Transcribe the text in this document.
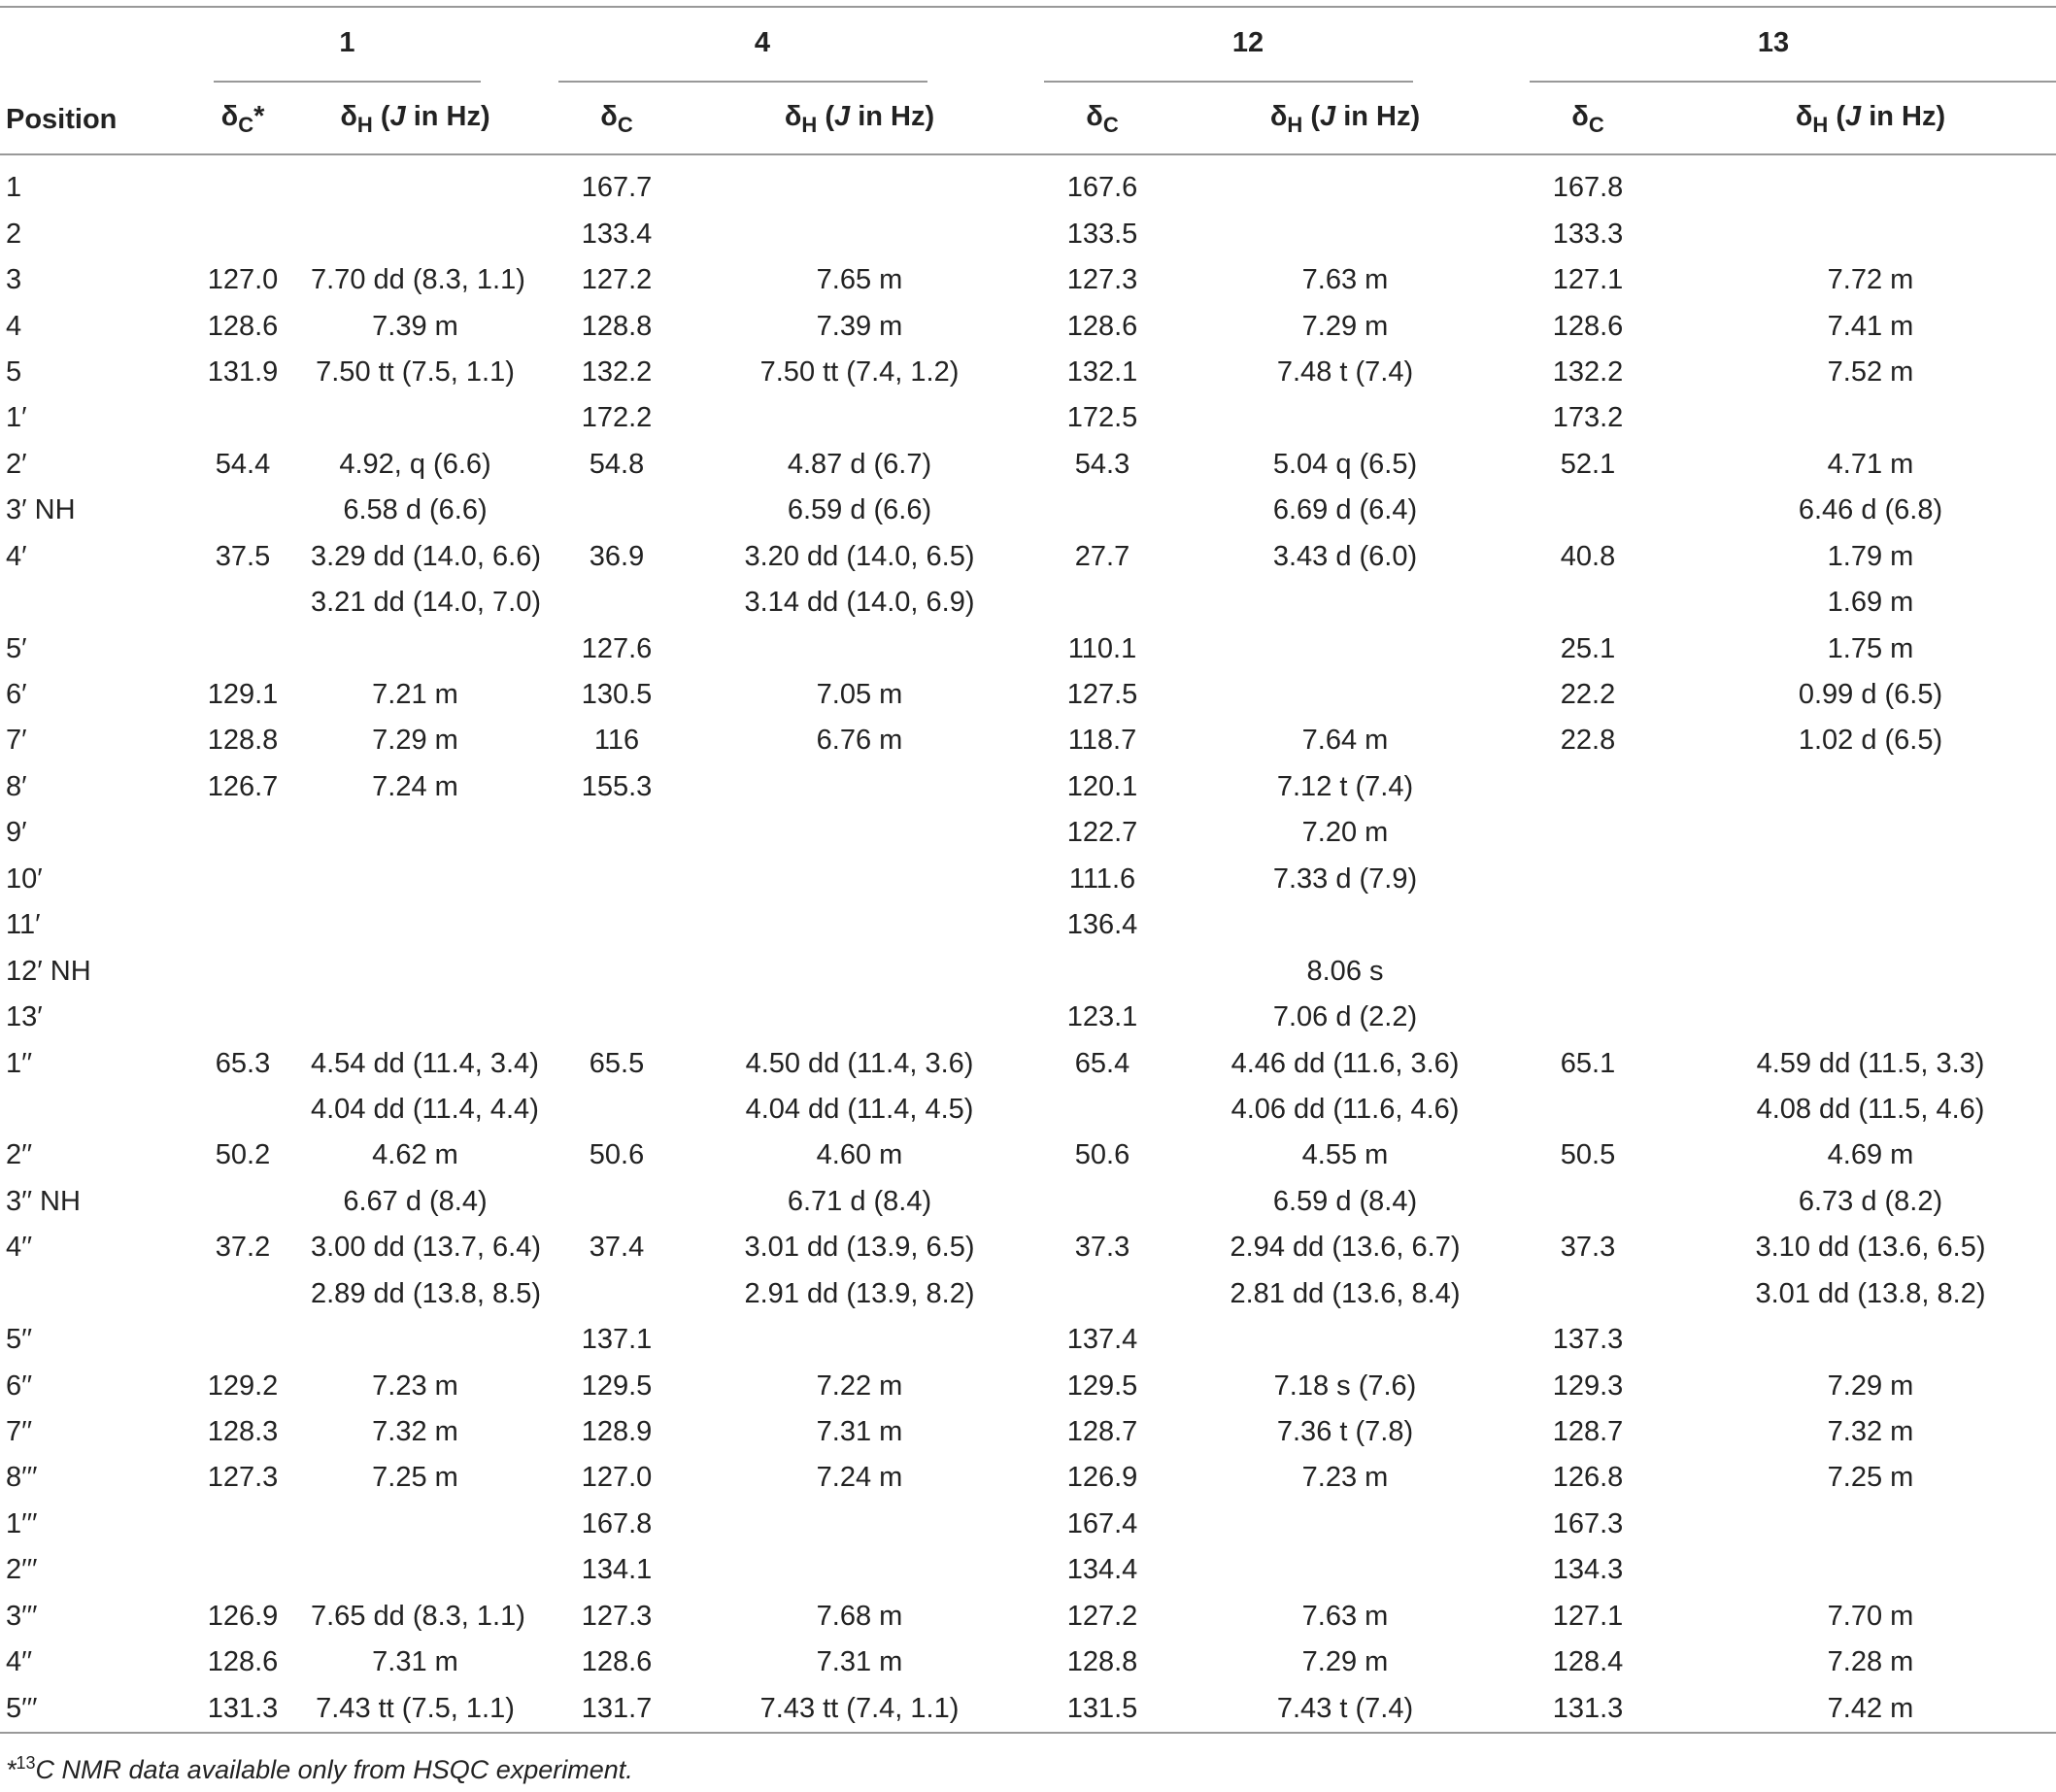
	1		4		12		13	

Position	$\delta_C*$	$\delta_H$ (J in Hz)	$\delta_C$	$\delta_H$ (J in Hz)	$\delta_C$	$\delta_H$ (J in Hz)	$\delta_C$	$\delta_H$ (J in Hz)
1			167.7		167.6		167.8	
2			133.4		133.5		133.3	
3	127.0	7.70 dd (8.3, 1.1)	127.2	7.65 m	127.3	7.63 m	127.1	7.72 m
4	128.6	7.39 m	128.8	7.39 m	128.6	7.29 m	128.6	7.41 m
5	131.9	7.50 tt (7.5, 1.1)	132.2	7.50 tt (7.4, 1.2)	132.1	7.48 t (7.4)	132.2	7.52 m
1′			172.2		172.5		173.2	
2′	54.4	4.92, q (6.6)	54.8	4.87 d (6.7)	54.3	5.04 q (6.5)	52.1	4.71 m
3′ NH		6.58 d (6.6)		6.59 d (6.6)		6.69 d (6.4)		6.46 d (6.8)
4′	37.5	3.29 dd (14.0, 6.6)	36.9	3.20 dd (14.0, 6.5)	27.7	3.43 d (6.0)	40.8	1.79 m
		3.21 dd (14.0, 7.0)		3.14 dd (14.0, 6.9)				1.69 m
5′			127.6		110.1		25.1	1.75 m
6′	129.1	7.21 m	130.5	7.05 m	127.5		22.2	0.99 d (6.5)
7′	128.8	7.29 m	116	6.76 m	118.7	7.64 m	22.8	1.02 d (6.5)
8′	126.7	7.24 m	155.3		120.1	7.12 t (7.4)		
9′					122.7	7.20 m		
10′					111.6	7.33 d (7.9)		
11′					136.4			
12′ NH						8.06 s		
13′					123.1	7.06 d (2.2)		
1′′	65.3	4.54 dd (11.4, 3.4)	65.5	4.50 dd (11.4, 3.6)	65.4	4.46 dd (11.6, 3.6)	65.1	4.59 dd (11.5, 3.3)
		4.04 dd (11.4, 4.4)		4.04 dd (11.4, 4.5)		4.06 dd (11.6, 4.6)		4.08 dd (11.5, 4.6)
2′′	50.2	4.62 m	50.6	4.60 m	50.6	4.55 m	50.5	4.69 m
3′′ NH		6.67 d (8.4)		6.71 d (8.4)		6.59 d (8.4)		6.73 d (8.2)
4′′	37.2	3.00 dd (13.7, 6.4)	37.4	3.01 dd (13.9, 6.5)	37.3	2.94 dd (13.6, 6.7)	37.3	3.10 dd (13.6, 6.5)
		2.89 dd (13.8, 8.5)		2.91 dd (13.9, 8.2)		2.81 dd (13.6, 8.4)		3.01 dd (13.8, 8.2)
5′′			137.1		137.4		137.3	
6′′	129.2	7.23 m	129.5	7.22 m	129.5	7.18 s (7.6)	129.3	7.29 m
7′′	128.3	7.32 m	128.9	7.31 m	128.7	7.36 t (7.8)	128.7	7.32 m
8′′′	127.3	7.25 m	127.0	7.24 m	126.9	7.23 m	126.8	7.25 m
1′′′			167.8		167.4		167.3	
2′′′			134.1		134.4		134.3	
3′′′	126.9	7.65 dd (8.3, 1.1)	127.3	7.68 m	127.2	7.63 m	127.1	7.70 m
4′′	128.6	7.31 m	128.6	7.31 m	128.8	7.29 m	128.4	7.28 m
5′′′	131.3	7.43 tt (7.5, 1.1)	131.7	7.43 tt (7.4, 1.1)	131.5	7.43 t (7.4)	131.3	7.42 m

*$^{13}$C NMR data available only from HSQC experiment.
